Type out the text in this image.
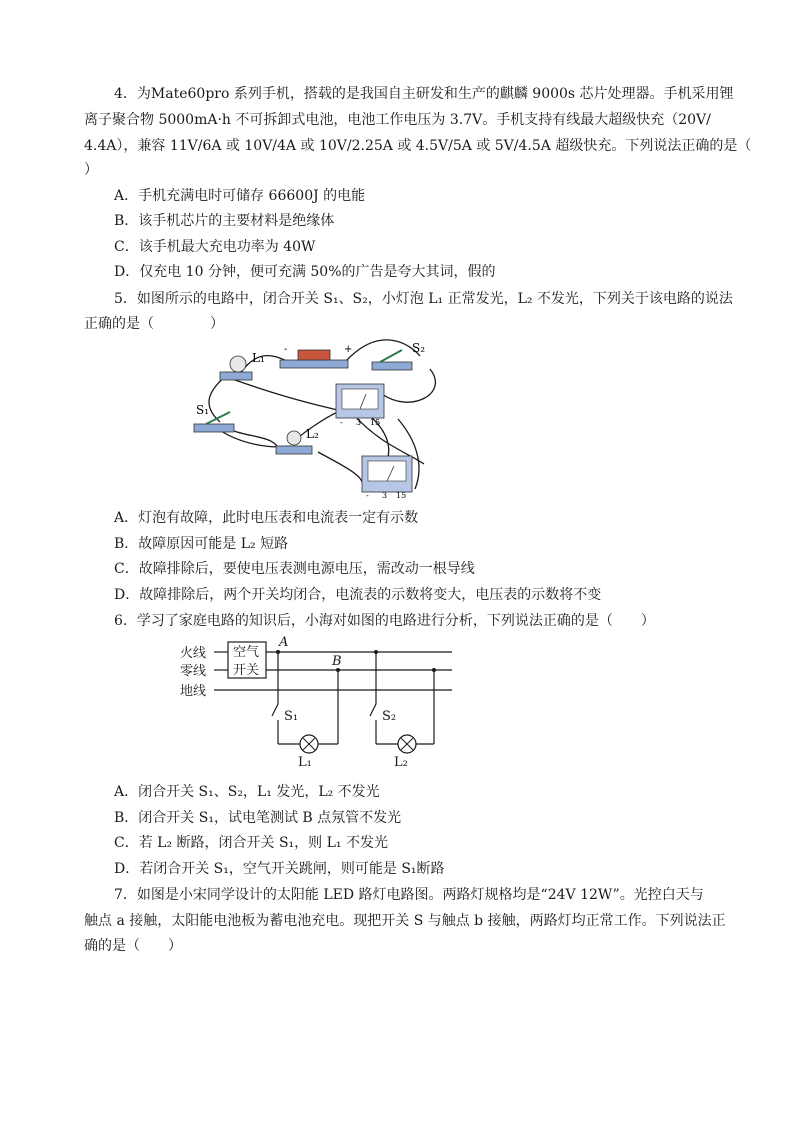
4．为Mate60pro 系列手机，搭载的是我国自主研发和生产的麒麟 9000s 芯片处理器。手机采用锂
离子聚合物 5000mA·h 不可拆卸式电池，电池工作电压为 3.7V。手机支持有线最大超级快充（20V/
4.4A），兼容 11V/6A 或 10V/4A 或 10V/2.25A 或 4.5V/5A 或 5V/4.5A 超级快充。下列说法正确的是（
）
A．手机充满电时可储存 66600J 的电能
B．该手机芯片的主要材料是绝缘体
C．该手机最大充电功率为 40W
D．仅充电 10 分钟，便可充满 50%的广告是夸大其词，假的
5．如图所示的电路中，闭合开关 S₁、S₂，小灯泡 L₁ 正常发光，L₂ 不发光，下列关于该电路的说法
正确的是（　　　　）
L₁
-	+	S₂
S₁
L₂
- 3 15
- 3 15
A．灯泡有故障，此时电压表和电流表一定有示数
B．故障原因可能是 L₂ 短路
C．故障排除后，要使电压表测电源电压，需改动一根导线
D．故障排除后，两个开关均闭合，电流表的示数将变大，电压表的示数将不变
6．学习了家庭电路的知识后，小海对如图的电路进行分析，下列说法正确的是（　　）
火线
零线
地线
空气
开关
A
B
S₁	S₂
L₁	L₂
A．闭合开关 S₁、S₂，L₁ 发光，L₂ 不发光
B．闭合开关 S₁，试电笔测试 B 点氖管不发光
C．若 L₂ 断路，闭合开关 S₁，则 L₁ 不发光
D．若闭合开关 S₁，空气开关跳闸，则可能是 S₁断路
7．如图是小宋同学设计的太阳能 LED 路灯电路图。两路灯规格均是“24V 12W”。光控白天与
触点 a 接触，太阳能电池板为蓄电池充电。现把开关 S 与触点 b 接触，两路灯均正常工作。下列说法正
确的是（　　）
